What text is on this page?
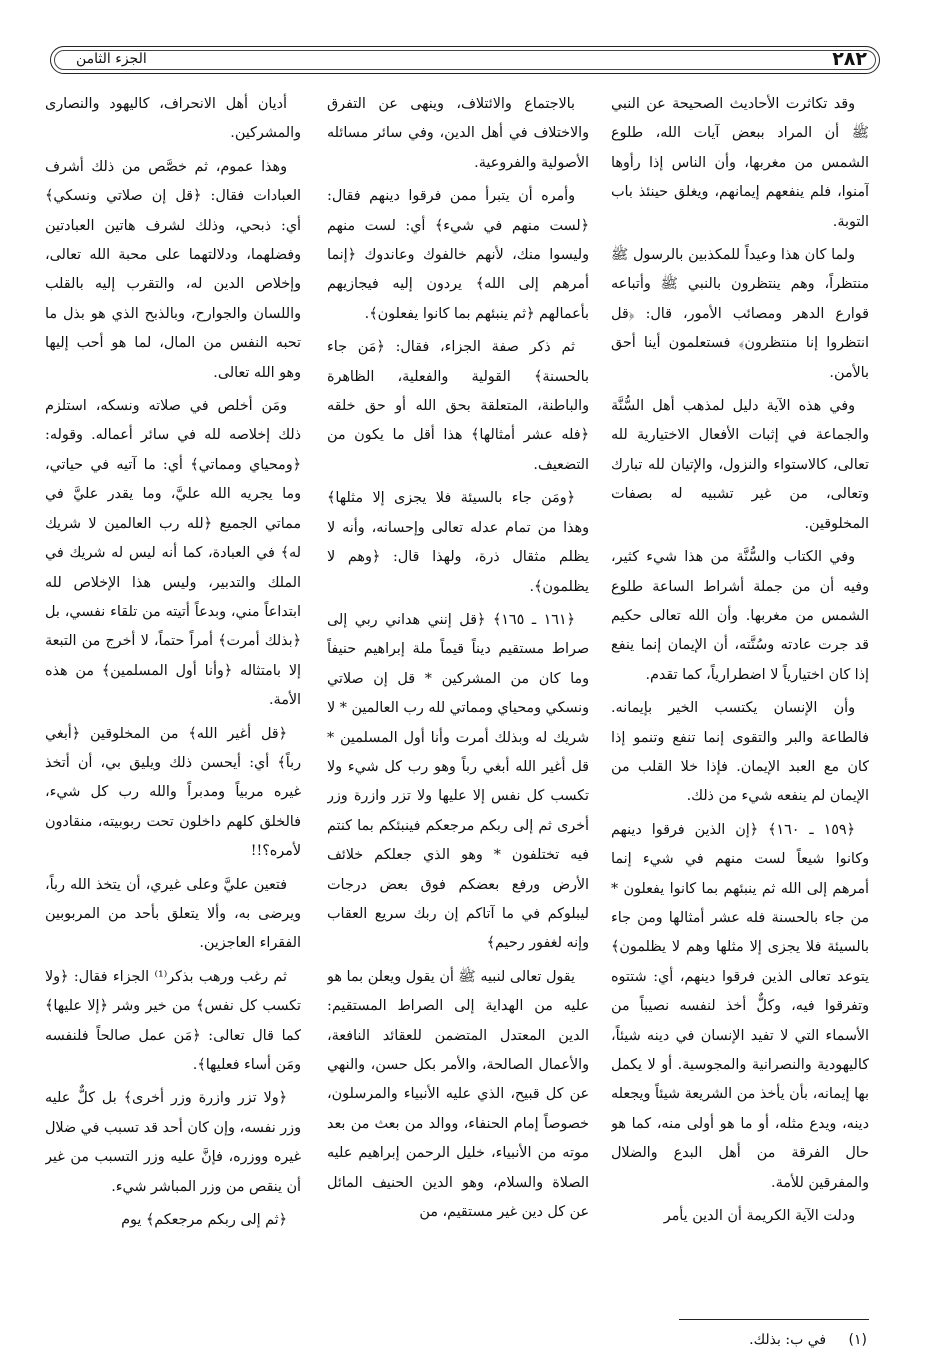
٢٨٢
الجزء الثامن

وقد تكاثرت الأحاديث الصحيحة عن النبي ﷺ أن المراد ببعض آيات الله، طلوع الشمس من مغربها، وأن الناس إذا رأوها آمنوا، فلم ينفعهم إيمانهم، ويغلق حينئذ باب التوبة.

ولما كان هذا وعيداً للمكذبين بالرسول ﷺ منتظراً، وهم ينتظرون بالنبي ﷺ وأتباعه قوارع الدهر ومصائب الأمور، قال: ﴿قل انتظروا إنا منتظرون﴾ فستعلمون أينا أحق بالأمن.

وفي هذه الآية دليل لمذهب أهل السُّنَّة والجماعة في إثبات الأفعال الاختيارية لله تعالى، كالاستواء والنزول، والإتيان لله تبارك وتعالى، من غير تشبيه له بصفات المخلوقين.

وفي الكتاب والسُّنَّة من هذا شيء كثير، وفيه أن من جملة أشراط الساعة طلوع الشمس من مغربها. وأن الله تعالى حكيم قد جرت عادته وسُنَّته، أن الإيمان إنما ينفع إذا كان اختيارياً لا اضطرارياً، كما تقدم.

وأن الإنسان يكتسب الخير بإيمانه. فالطاعة والبر والتقوى إنما تنفع وتنمو إذا كان مع العبد الإيمان. فإذا خلا القلب من الإيمان لم ينفعه شيء من ذلك.

﴿١٥٩ ـ ١٦٠﴾ ﴿إن الذين فرقوا دينهم وكانوا شيعاً لست منهم في شيء إنما أمرهم إلى الله ثم ينبئهم بما كانوا يفعلون * من جاء بالحسنة فله عشر أمثالها ومن جاء بالسيئة فلا يجزى إلا مثلها وهم لا يظلمون﴾ يتوعد تعالى الذين فرقوا دينهم، أي: شتتوه وتفرقوا فيه، وكلٌّ أخذ لنفسه نصيباً من الأسماء التي لا تفيد الإنسان في دينه شيئاً، كاليهودية والنصرانية والمجوسية. أو لا يكمل بها إيمانه، بأن يأخذ من الشريعة شيئاً ويجعله دينه، ويدع مثله، أو ما هو أولى منه، كما هو حال الفرقة من أهل البدع والضلال والمفرقين للأمة.

ودلت الآية الكريمة أن الدين يأمر

بالاجتماع والائتلاف، وينهى عن التفرق والاختلاف في أهل الدين، وفي سائر مسائله الأصولية والفروعية.

وأمره أن يتبرأ ممن فرقوا دينهم فقال: ﴿لست منهم في شيء﴾ أي: لست منهم وليسوا منك، لأنهم خالفوك وعاندوك ﴿إنما أمرهم إلى الله﴾ يردون إليه فيجازيهم بأعمالهم ﴿ثم ينبئهم بما كانوا يفعلون﴾.

ثم ذكر صفة الجزاء، فقال: ﴿مَن جاء بالحسنة﴾ القولية والفعلية، الظاهرة والباطنة، المتعلقة بحق الله أو حق خلقه ﴿فله عشر أمثالها﴾ هذا أقل ما يكون من التضعيف.

﴿ومَن جاء بالسيئة فلا يجزى إلا مثلها﴾ وهذا من تمام عدله تعالى وإحسانه، وأنه لا يظلم مثقال ذرة، ولهذا قال: ﴿وهم لا يظلمون﴾.

﴿١٦١ ـ ١٦٥﴾ ﴿قل إنني هداني ربي إلى صراط مستقيم ديناً قيماً ملة إبراهيم حنيفاً وما كان من المشركين * قل إن صلاتي ونسكي ومحياي ومماتي لله رب العالمين * لا شريك له وبذلك أمرت وأنا أول المسلمين * قل أغير الله أبغي رباً وهو رب كل شيء ولا تكسب كل نفس إلا عليها ولا تزر وازرة وزر أخرى ثم إلى ربكم مرجعكم فينبئكم بما كنتم فيه تختلفون * وهو الذي جعلكم خلائف الأرض ورفع بعضكم فوق بعض درجات ليبلوكم في ما آتاكم إن ربك سريع العقاب وإنه لغفور رحيم﴾

يقول تعالى لنبيه ﷺ أن يقول ويعلن بما هو عليه من الهداية إلى الصراط المستقيم: الدين المعتدل المتضمن للعقائد النافعة، والأعمال الصالحة، والأمر بكل حسن، والنهي عن كل قبيح، الذي عليه الأنبياء والمرسلون، خصوصاً إمام الحنفاء، ووالد من بعث من بعد موته من الأنبياء، خليل الرحمن إبراهيم عليه الصلاة والسلام، وهو الدين الحنيف المائل عن كل دين غير مستقيم، من

أديان أهل الانحراف، كاليهود والنصارى والمشركين.

وهذا عموم، ثم خصَّص من ذلك أشرف العبادات فقال: ﴿قل إن صلاتي ونسكي﴾ أي: ذبحي، وذلك لشرف هاتين العبادتين وفضلهما، ودلالتهما على محبة الله تعالى، وإخلاص الدين له، والتقرب إليه بالقلب واللسان والجوارح، وبالذبح الذي هو بذل ما تحبه النفس من المال، لما هو أحب إليها وهو الله تعالى.

ومَن أخلص في صلاته ونسكه، استلزم ذلك إخلاصه لله في سائر أعماله. وقوله: ﴿ومحياي ومماتي﴾ أي: ما آتيه في حياتي، وما يجريه الله عليَّ، وما يقدر عليَّ في مماتي الجميع ﴿لله رب العالمين لا شريك له﴾ في العبادة، كما أنه ليس له شريك في الملك والتدبير، وليس هذا الإخلاص لله ابتداعاً مني، وبدعاً أتيته من تلقاء نفسي، بل ﴿بذلك أمرت﴾ أمراً حتماً، لا أخرج من التبعة إلا بامتثاله ﴿وأنا أول المسلمين﴾ من هذه الأمة.

﴿قل أغير الله﴾ من المخلوقين ﴿أبغي رباً﴾ أي: أيحسن ذلك ويليق بي، أن أتخذ غيره مربياً ومدبراً والله رب كل شيء، فالخلق كلهم داخلون تحت ربوبيته، منقادون لأمره؟!!

فتعين عليَّ وعلى غيري، أن يتخذ الله رباً، ويرضى به، وألا يتعلق بأحد من المربوبين الفقراء العاجزين.

ثم رغب ورهب بذكر⁽¹⁾ الجزاء فقال: ﴿ولا تكسب كل نفس﴾ من خير وشر ﴿إلا عليها﴾ كما قال تعالى: ﴿مَن عمل صالحاً فلنفسه ومَن أساء فعليها﴾.

﴿ولا تزر وازرة وزر أخرى﴾ بل كلٌّ عليه وزر نفسه، وإن كان أحد قد تسبب في ضلال غيره ووزره، فإنَّ عليه وزر التسبب من غير أن ينقص من وزر المباشر شيء.

﴿ثم إلى ربكم مرجعكم﴾ يوم

(١) في ب: بذلك.
